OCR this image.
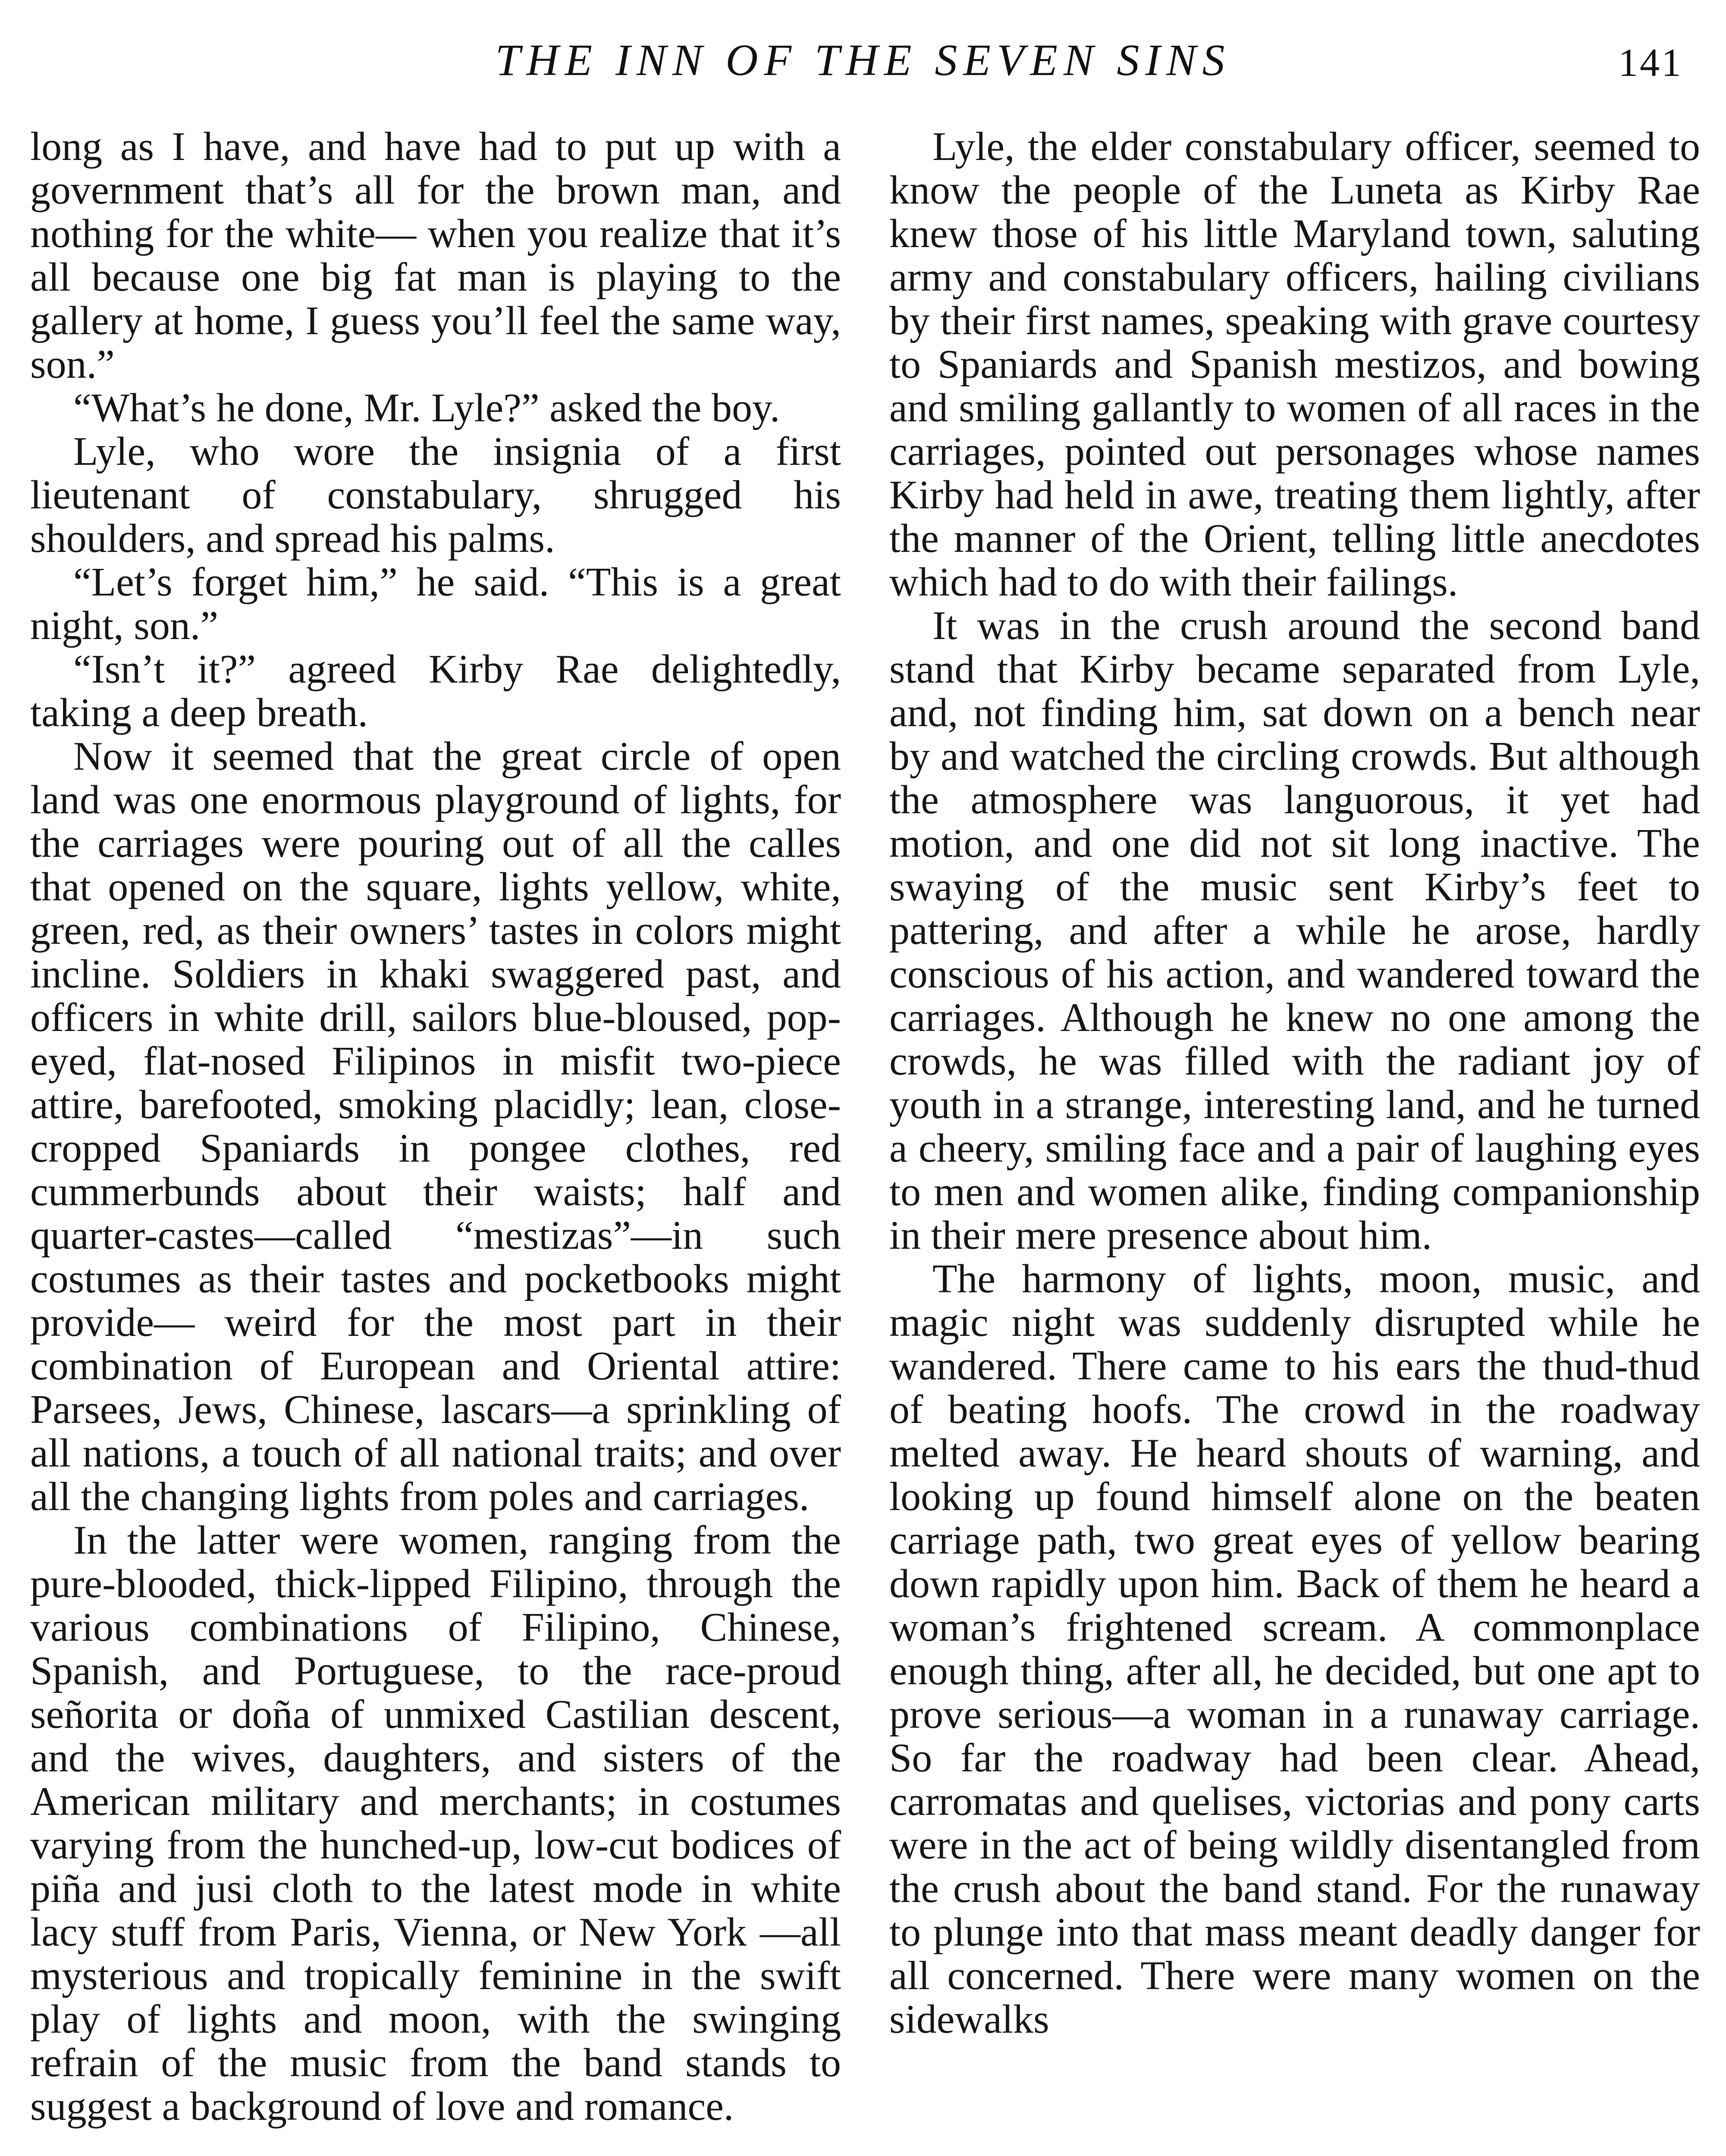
THE INN OF THE SEVEN SINS	141

long as I have, and have had to put up with a government that’s all for the brown man, and nothing for the white— when you realize that it’s all because one big fat man is playing to the gallery at home, I guess you’ll feel the same way, son.”

“What’s he done, Mr. Lyle?” asked the boy.

Lyle, who wore the insignia of a first lieutenant of constabulary, shrugged his shoulders, and spread his palms.

“Let’s forget him,” he said. “This is a great night, son.”

“Isn’t it?” agreed Kirby Rae delightedly, taking a deep breath.

Now it seemed that the great circle of open land was one enormous playground of lights, for the carriages were pouring out of all the calles that opened on the square, lights yellow, white, green, red, as their owners’ tastes in colors might incline. Soldiers in khaki swaggered past, and officers in white drill, sailors blue-bloused, pop-eyed, flat-nosed Filipinos in misfit two-piece attire, barefooted, smoking placidly; lean, close-cropped Spaniards in pongee clothes, red cummerbunds about their waists; half and quarter-castes—called “mestizas”—in such costumes as their tastes and pocketbooks might provide— weird for the most part in their combination of European and Oriental attire: Parsees, Jews, Chinese, lascars—a sprinkling of all nations, a touch of all national traits; and over all the changing lights from poles and carriages.

In the latter were women, ranging from the pure-blooded, thick-lipped Filipino, through the various combinations of Filipino, Chinese, Spanish, and Portuguese, to the race-proud señorita or doña of unmixed Castilian descent, and the wives, daughters, and sisters of the American military and merchants; in costumes varying from the hunched-up, low-cut bodices of piña and jusi cloth to the latest mode in white lacy stuff from Paris, Vienna, or New York —all mysterious and tropically feminine in the swift play of lights and moon, with the swinging refrain of the music from the band stands to suggest a background of love and romance.

Lyle, the elder constabulary officer, seemed to know the people of the Luneta as Kirby Rae knew those of his little Maryland town, saluting army and constabulary officers, hailing civilians by their first names, speaking with grave courtesy to Spaniards and Spanish mestizos, and bowing and smiling gallantly to women of all races in the carriages, pointed out personages whose names Kirby had held in awe, treating them lightly, after the manner of the Orient, telling little anecdotes which had to do with their failings.

It was in the crush around the second band stand that Kirby became separated from Lyle, and, not finding him, sat down on a bench near by and watched the circling crowds. But although the atmosphere was languorous, it yet had motion, and one did not sit long inactive. The swaying of the music sent Kirby’s feet to pattering, and after a while he arose, hardly conscious of his action, and wandered toward the carriages. Although he knew no one among the crowds, he was filled with the radiant joy of youth in a strange, interesting land, and he turned a cheery, smiling face and a pair of laughing eyes to men and women alike, finding companionship in their mere presence about him.

The harmony of lights, moon, music, and magic night was suddenly disrupted while he wandered. There came to his ears the thud-thud of beating hoofs. The crowd in the roadway melted away. He heard shouts of warning, and looking up found himself alone on the beaten carriage path, two great eyes of yellow bearing down rapidly upon him. Back of them he heard a woman’s frightened scream. A commonplace enough thing, after all, he decided, but one apt to prove serious—a woman in a runaway carriage. So far the roadway had been clear. Ahead, carromatas and quelises, victorias and pony carts were in the act of being wildly disentangled from the crush about the band stand. For the runaway to plunge into that mass meant deadly danger for all concerned. There were many women on the sidewalks
